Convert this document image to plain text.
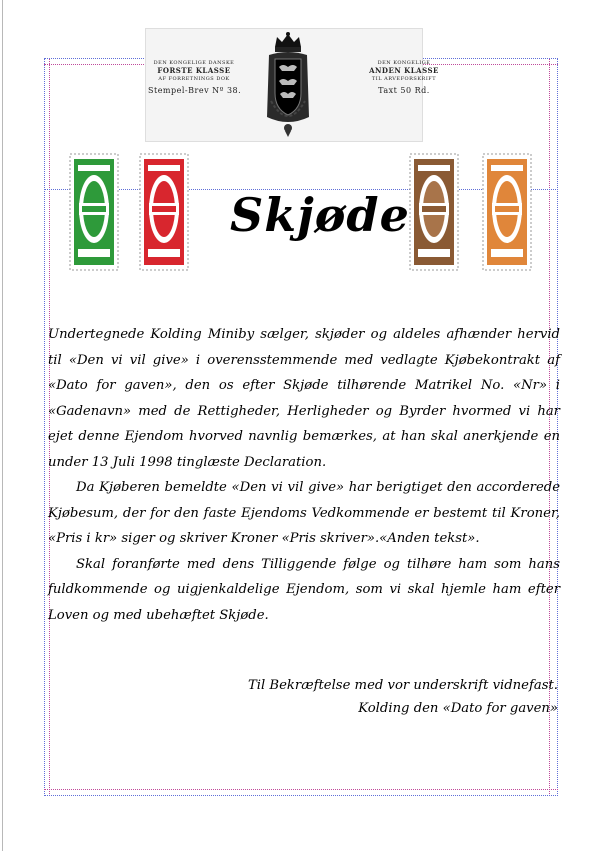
DEN KONGELIGE DANSKE
FORSTE KLASSE
AF FORRETNINGS DOK
Stempel-Brev Nº 38.
DEN KONGELIGE
ANDEN KLASSE
TIL ARVEFORSKRIFT
Taxt 50 Rd.
Skjøde

Undertegnede Kolding Miniby sælger, skjøder og aldeles afhænder hervid til «Den vi vil give» i overensstemmende med vedlagte Kjøbekontrakt af «Dato for gaven», den os efter Skjøde tilhørende Matrikel No. «Nr» i «Gadenavn» med de Rettigheder, Herligheder og Byrder hvormed vi har ejet denne Ejendom hvorved navnlig bemærkes, at han skal anerkjende en under 13 Juli 1998 tinglæste Declaration.

Da Kjøberen bemeldte «Den vi vil give» har berigtiget den accorderede Kjøbesum, der for den faste Ejendoms Vedkommende er bestemt til Kroner, «Pris i kr» siger og skriver Kroner «Pris skriver».«Anden tekst».

Skal foranførte med dens Tilliggende følge og tilhøre ham som hans fuldkommende og uigjenkaldelige Ejendom, som vi skal hjemle ham efter Loven og med ubehæftet Skjøde.

Til Bekræftelse med vor underskrift vidnefast.
Kolding den «Dato for gaven»
